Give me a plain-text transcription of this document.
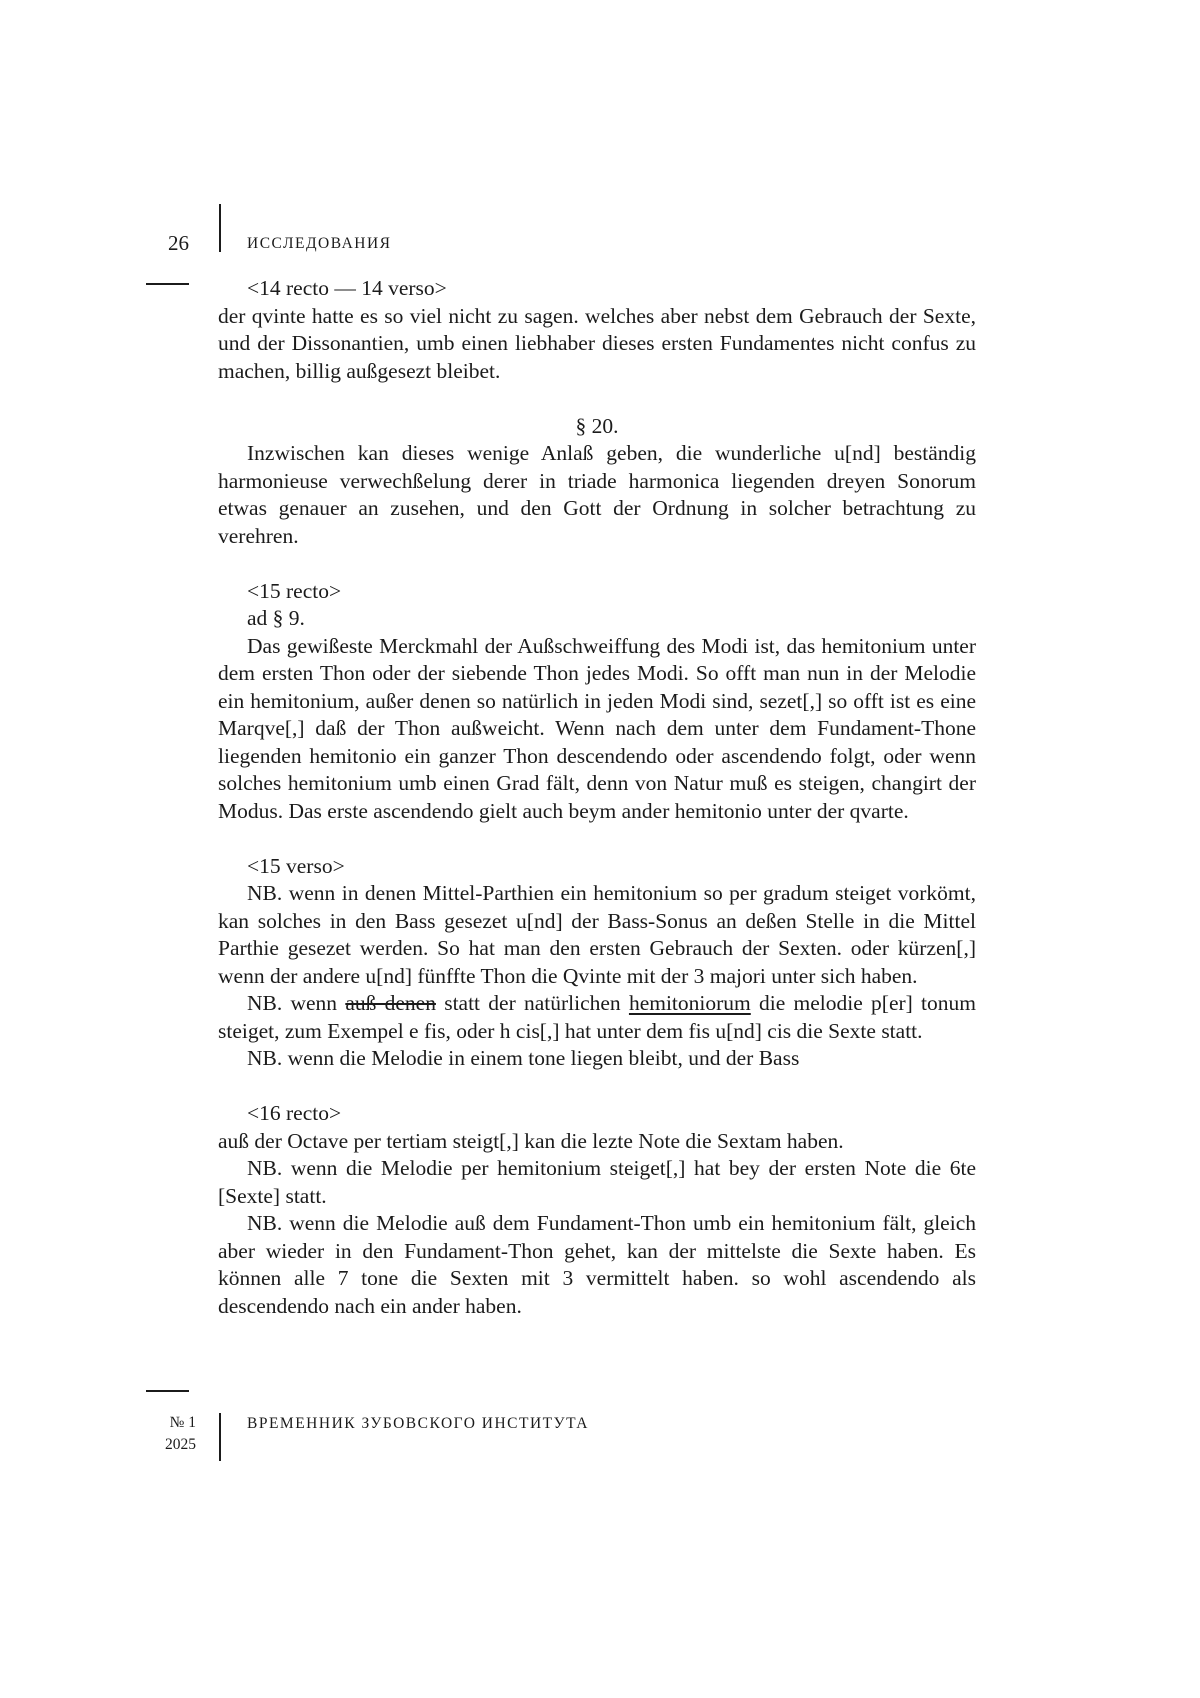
26	ИССЛЕДОВАНИЯ

<14 recto — 14 verso>

der qvinte hatte es so viel nicht zu sagen. welches aber nebst dem Gebrauch der Sexte, und der Dissonantien, umb einen liebhaber dieses ersten Fundamentes nicht confus zu machen, billig außgesezt bleibet.

§ 20.

Inzwischen kan dieses wenige Anlaß geben, die wunderliche u[nd] beständig harmonieuse verwechßelung derer in triade harmonica liegenden dreyen Sonorum etwas genauer an zusehen, und den Gott der Ordnung in solcher betrachtung zu verehren.

<15 recto>

ad § 9.

Das gewißeste Merckmahl der Außschweiffung des Modi ist, das hemitonium unter dem ersten Thon oder der siebende Thon jedes Modi. So offt man nun in der Melodie ein hemitonium, außer denen so natürlich in jeden Modi sind, sezet[,] so offt ist es eine Marqve[,] daß der Thon außweicht. Wenn nach dem unter dem Fundament-Thone liegenden hemitonio ein ganzer Thon descendendo oder ascendendo folgt, oder wenn solches hemitonium umb einen Grad fält, denn von Natur muß es steigen, changirt der Modus. Das erste ascendendo gielt auch beym ander hemitonio unter der qvarte.

<15 verso>

NB. wenn in denen Mittel-Parthien ein hemitonium so per gradum steiget vorkömt, kan solches in den Bass gesezet u[nd] der Bass-Sonus an deßen Stelle in die Mittel Parthie gesezet werden. So hat man den ersten Gebrauch der Sexten. oder kürzen[,] wenn der andere u[nd] fünffte Thon die Qvinte mit der 3 majori unter sich haben.

NB. wenn auß denen statt der natürlichen hemitoniorum die melodie p[er] tonum steiget, zum Exempel e fis, oder h cis[,] hat unter dem fis u[nd] cis die Sexte statt.

NB. wenn die Melodie in einem tone liegen bleibt, und der Bass

<16 recto>

auß der Octave per tertiam steigt[,] kan die lezte Note die Sextam haben.

NB. wenn die Melodie per hemitonium steiget[,] hat bey der ersten Note die 6te [Sexte] statt.

NB. wenn die Melodie auß dem Fundament-Thon umb ein hemitonium fält, gleich aber wieder in den Fundament-Thon gehet, kan der mittelste die Sexte haben. Es können alle 7 tone die Sexten mit 3 vermittelt haben. so wohl ascendendo als descendendo nach ein ander haben.

№ 1
2025
ВРЕМЕННИК ЗУБОВСКОГО ИНСТИТУТА
